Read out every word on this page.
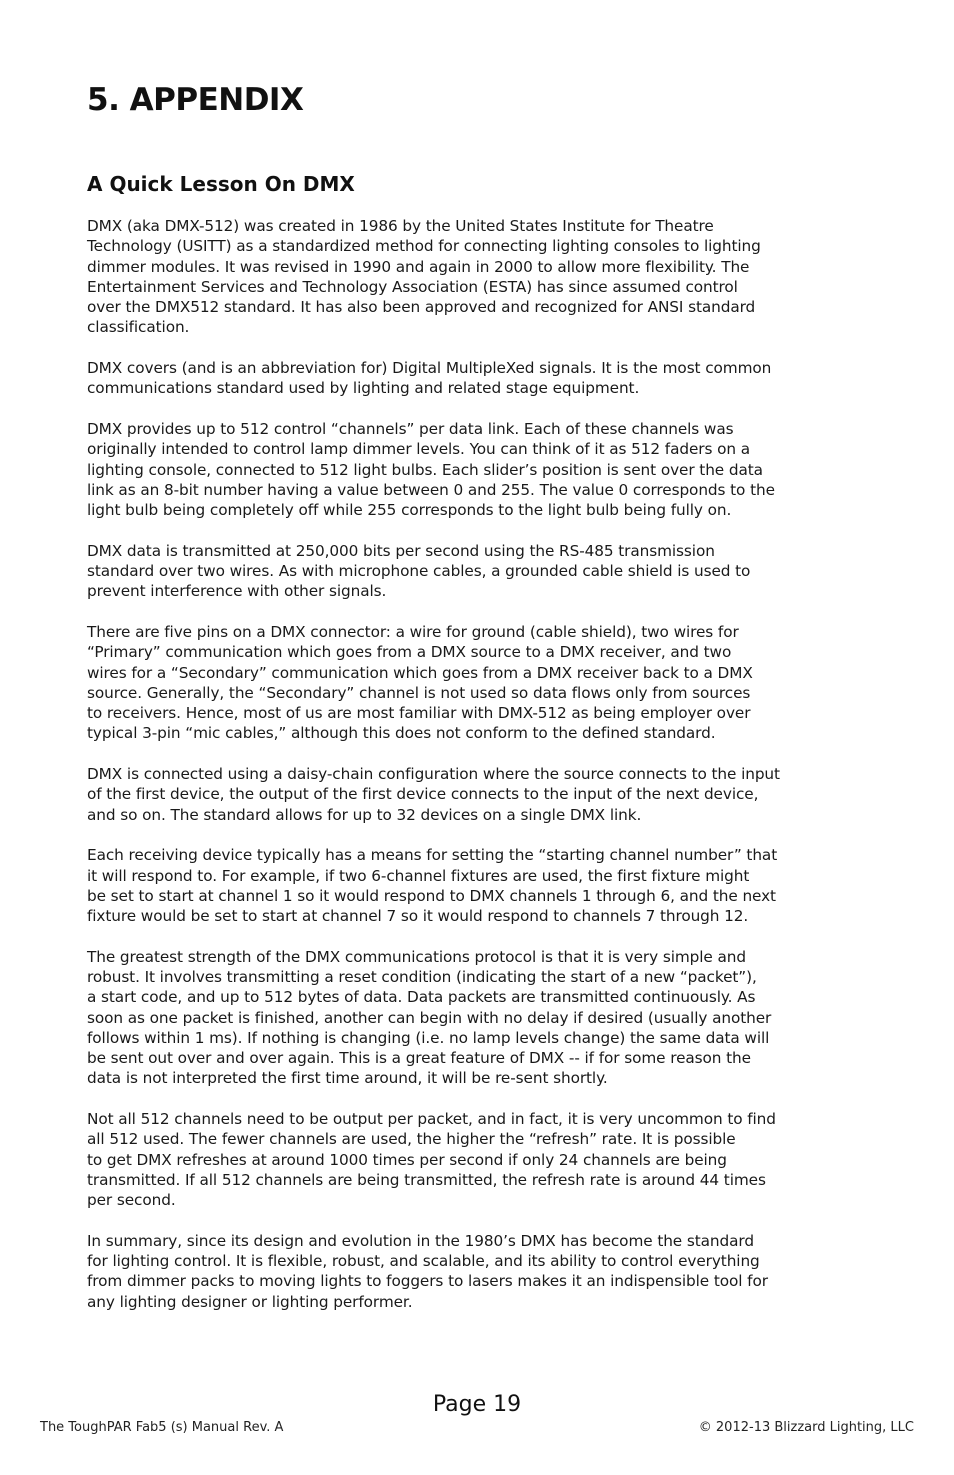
5. APPENDIX
A Quick Lesson On DMX

DMX (aka DMX-512) was created in 1986 by the United States Institute for Theatre
Technology (USITT) as a standardized method for connecting lighting consoles to lighting
dimmer modules. It was revised in 1990 and again in 2000 to allow more flexibility. The
Entertainment Services and Technology Association (ESTA) has since assumed control
over the DMX512 standard. It has also been approved and recognized for ANSI standard
classification.

DMX covers (and is an abbreviation for) Digital MultipleXed signals. It is the most common
communications standard used by lighting and related stage equipment.

DMX provides up to 512 control “channels” per data link. Each of these channels was
originally intended to control lamp dimmer levels. You can think of it as 512 faders on a
lighting console, connected to 512 light bulbs. Each slider’s position is sent over the data
link as an 8-bit number having a value between 0 and 255. The value 0 corresponds to the
light bulb being completely off while 255 corresponds to the light bulb being fully on.

DMX data is transmitted at 250,000 bits per second using the RS-485 transmission
standard over two wires. As with microphone cables, a grounded cable shield is used to
prevent interference with other signals.

There are five pins on a DMX connector: a wire for ground (cable shield), two wires for
“Primary” communication which goes from a DMX source to a DMX receiver, and two
wires for a “Secondary” communication which goes from a DMX receiver back to a DMX
source. Generally, the “Secondary” channel is not used so data flows only from sources
to receivers. Hence, most of us are most familiar with DMX-512 as being employer over
typical 3-pin “mic cables,” although this does not conform to the defined standard.

DMX is connected using a daisy-chain configuration where the source connects to the input
of the first device, the output of the first device connects to the input of the next device,
and so on. The standard allows for up to 32 devices on a single DMX link.

Each receiving device typically has a means for setting the “starting channel number” that
it will respond to. For example, if two 6-channel fixtures are used, the first fixture might
be set to start at channel 1 so it would respond to DMX channels 1 through 6, and the next
fixture would be set to start at channel 7 so it would respond to channels 7 through 12.

The greatest strength of the DMX communications protocol is that it is very simple and
robust. It involves transmitting a reset condition (indicating the start of a new “packet”),
a start code, and up to 512 bytes of data. Data packets are transmitted continuously. As
soon as one packet is finished, another can begin with no delay if desired (usually another
follows within 1 ms). If nothing is changing (i.e. no lamp levels change) the same data will
be sent out over and over again. This is a great feature of DMX -- if for some reason the
data is not interpreted the first time around, it will be re-sent shortly.

Not all 512 channels need to be output per packet, and in fact, it is very uncommon to find
all 512 used. The fewer channels are used, the higher the “refresh” rate. It is possible
to get DMX refreshes at around 1000 times per second if only 24 channels are being
transmitted. If all 512 channels are being transmitted, the refresh rate is around 44 times
per second.

In summary, since its design and evolution in the 1980’s DMX has become the standard
for lighting control. It is flexible, robust, and scalable, and its ability to control everything
from dimmer packs to moving lights to foggers to lasers makes it an indispensible tool for
any lighting designer or lighting performer.

Page 19
The ToughPAR Fab5 (s) Manual Rev. A	© 2012-13 Blizzard Lighting, LLC
